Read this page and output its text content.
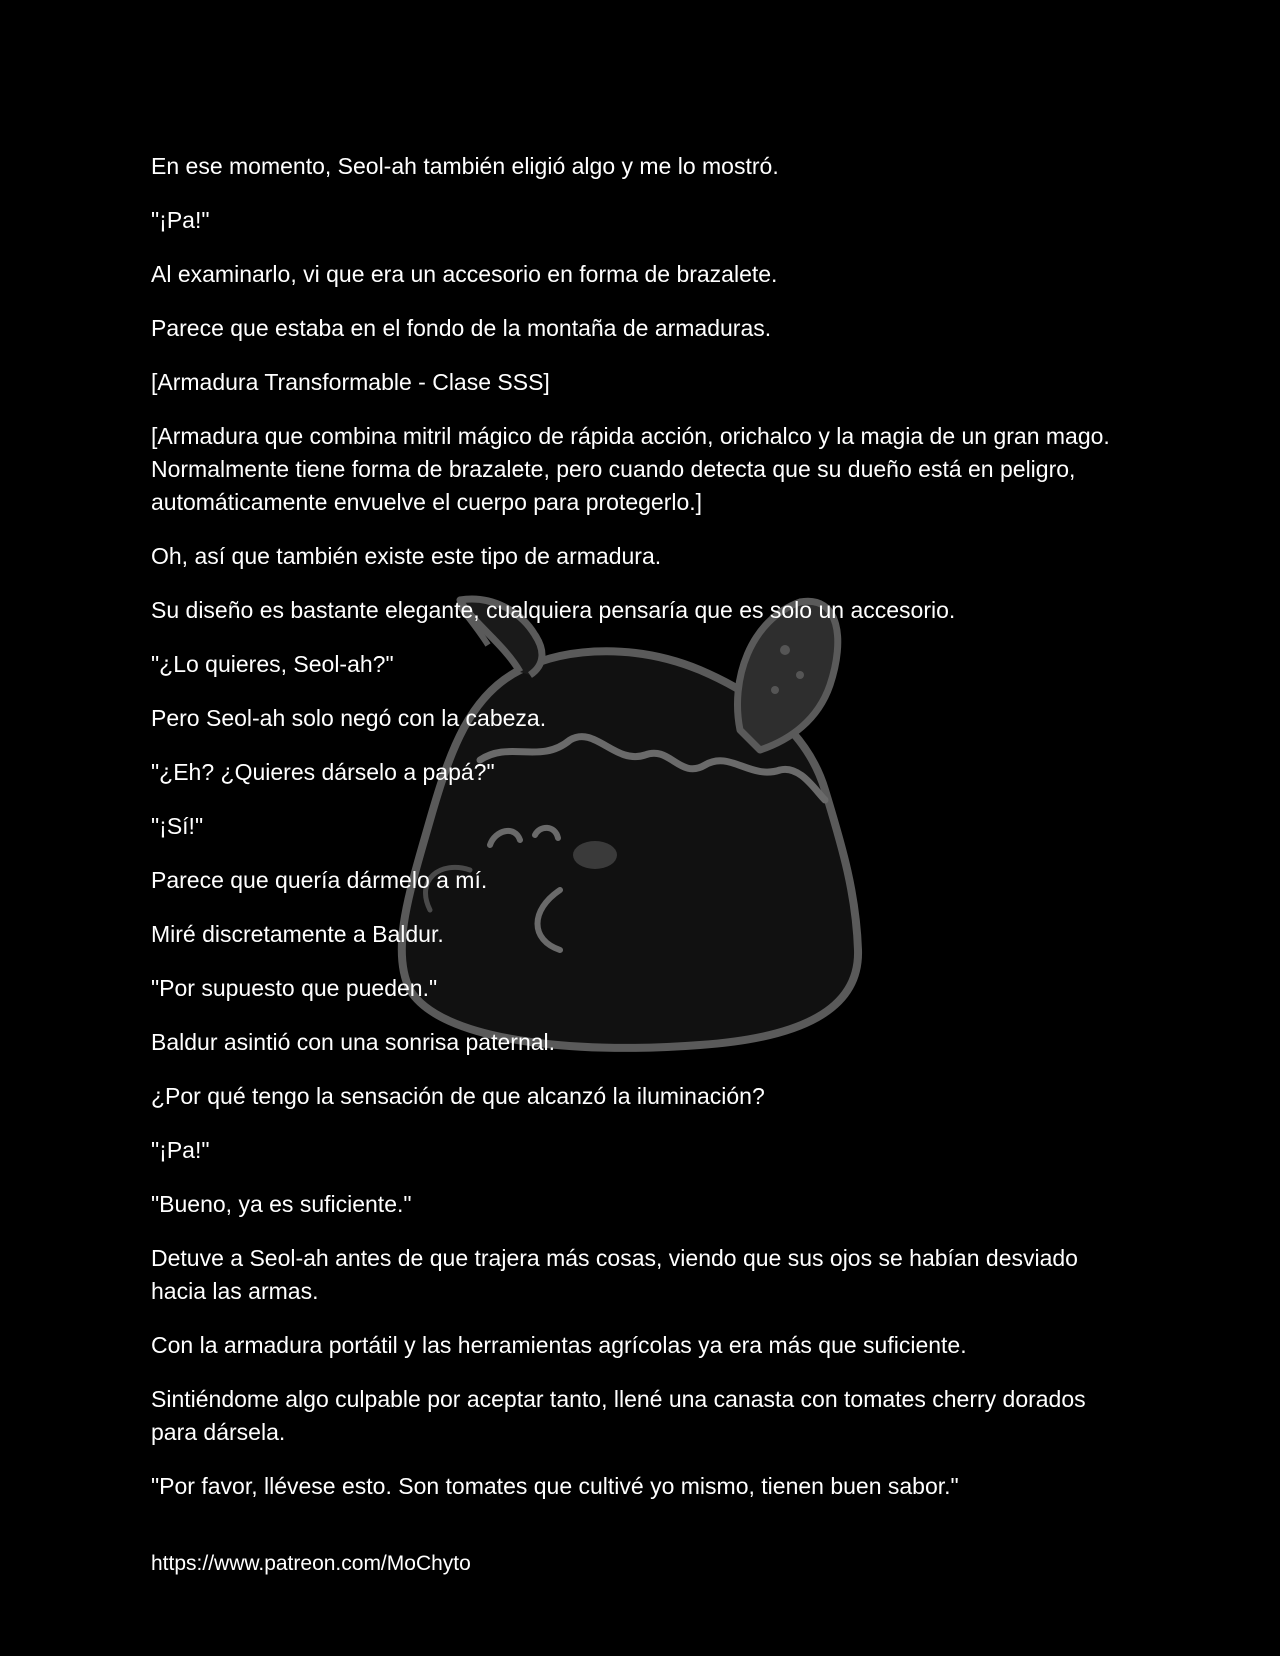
En ese momento, Seol-ah también eligió algo y me lo mostró.

"¡Pa!"

Al examinarlo, vi que era un accesorio en forma de brazalete.

Parece que estaba en el fondo de la montaña de armaduras.

[Armadura Transformable - Clase SSS]

[Armadura que combina mitril mágico de rápida acción, orichalco y la magia de un gran mago. Normalmente tiene forma de brazalete, pero cuando detecta que su dueño está en peligro, automáticamente envuelve el cuerpo para protegerlo.]

Oh, así que también existe este tipo de armadura.

Su diseño es bastante elegante, cualquiera pensaría que es solo un accesorio.

"¿Lo quieres, Seol-ah?"

Pero Seol-ah solo negó con la cabeza.

"¿Eh? ¿Quieres dárselo a papá?"

"¡Sí!"

Parece que quería dármelo a mí.

Miré discretamente a Baldur.

"Por supuesto que pueden."

Baldur asintió con una sonrisa paternal.

¿Por qué tengo la sensación de que alcanzó la iluminación?

"¡Pa!"

"Bueno, ya es suficiente."

Detuve a Seol-ah antes de que trajera más cosas, viendo que sus ojos se habían desviado hacia las armas.

Con la armadura portátil y las herramientas agrícolas ya era más que suficiente.

Sintiéndome algo culpable por aceptar tanto, llené una canasta con tomates cherry dorados para dársela.

"Por favor, llévese esto. Son tomates que cultivé yo mismo, tienen buen sabor."

https://www.patreon.com/MoChyto
